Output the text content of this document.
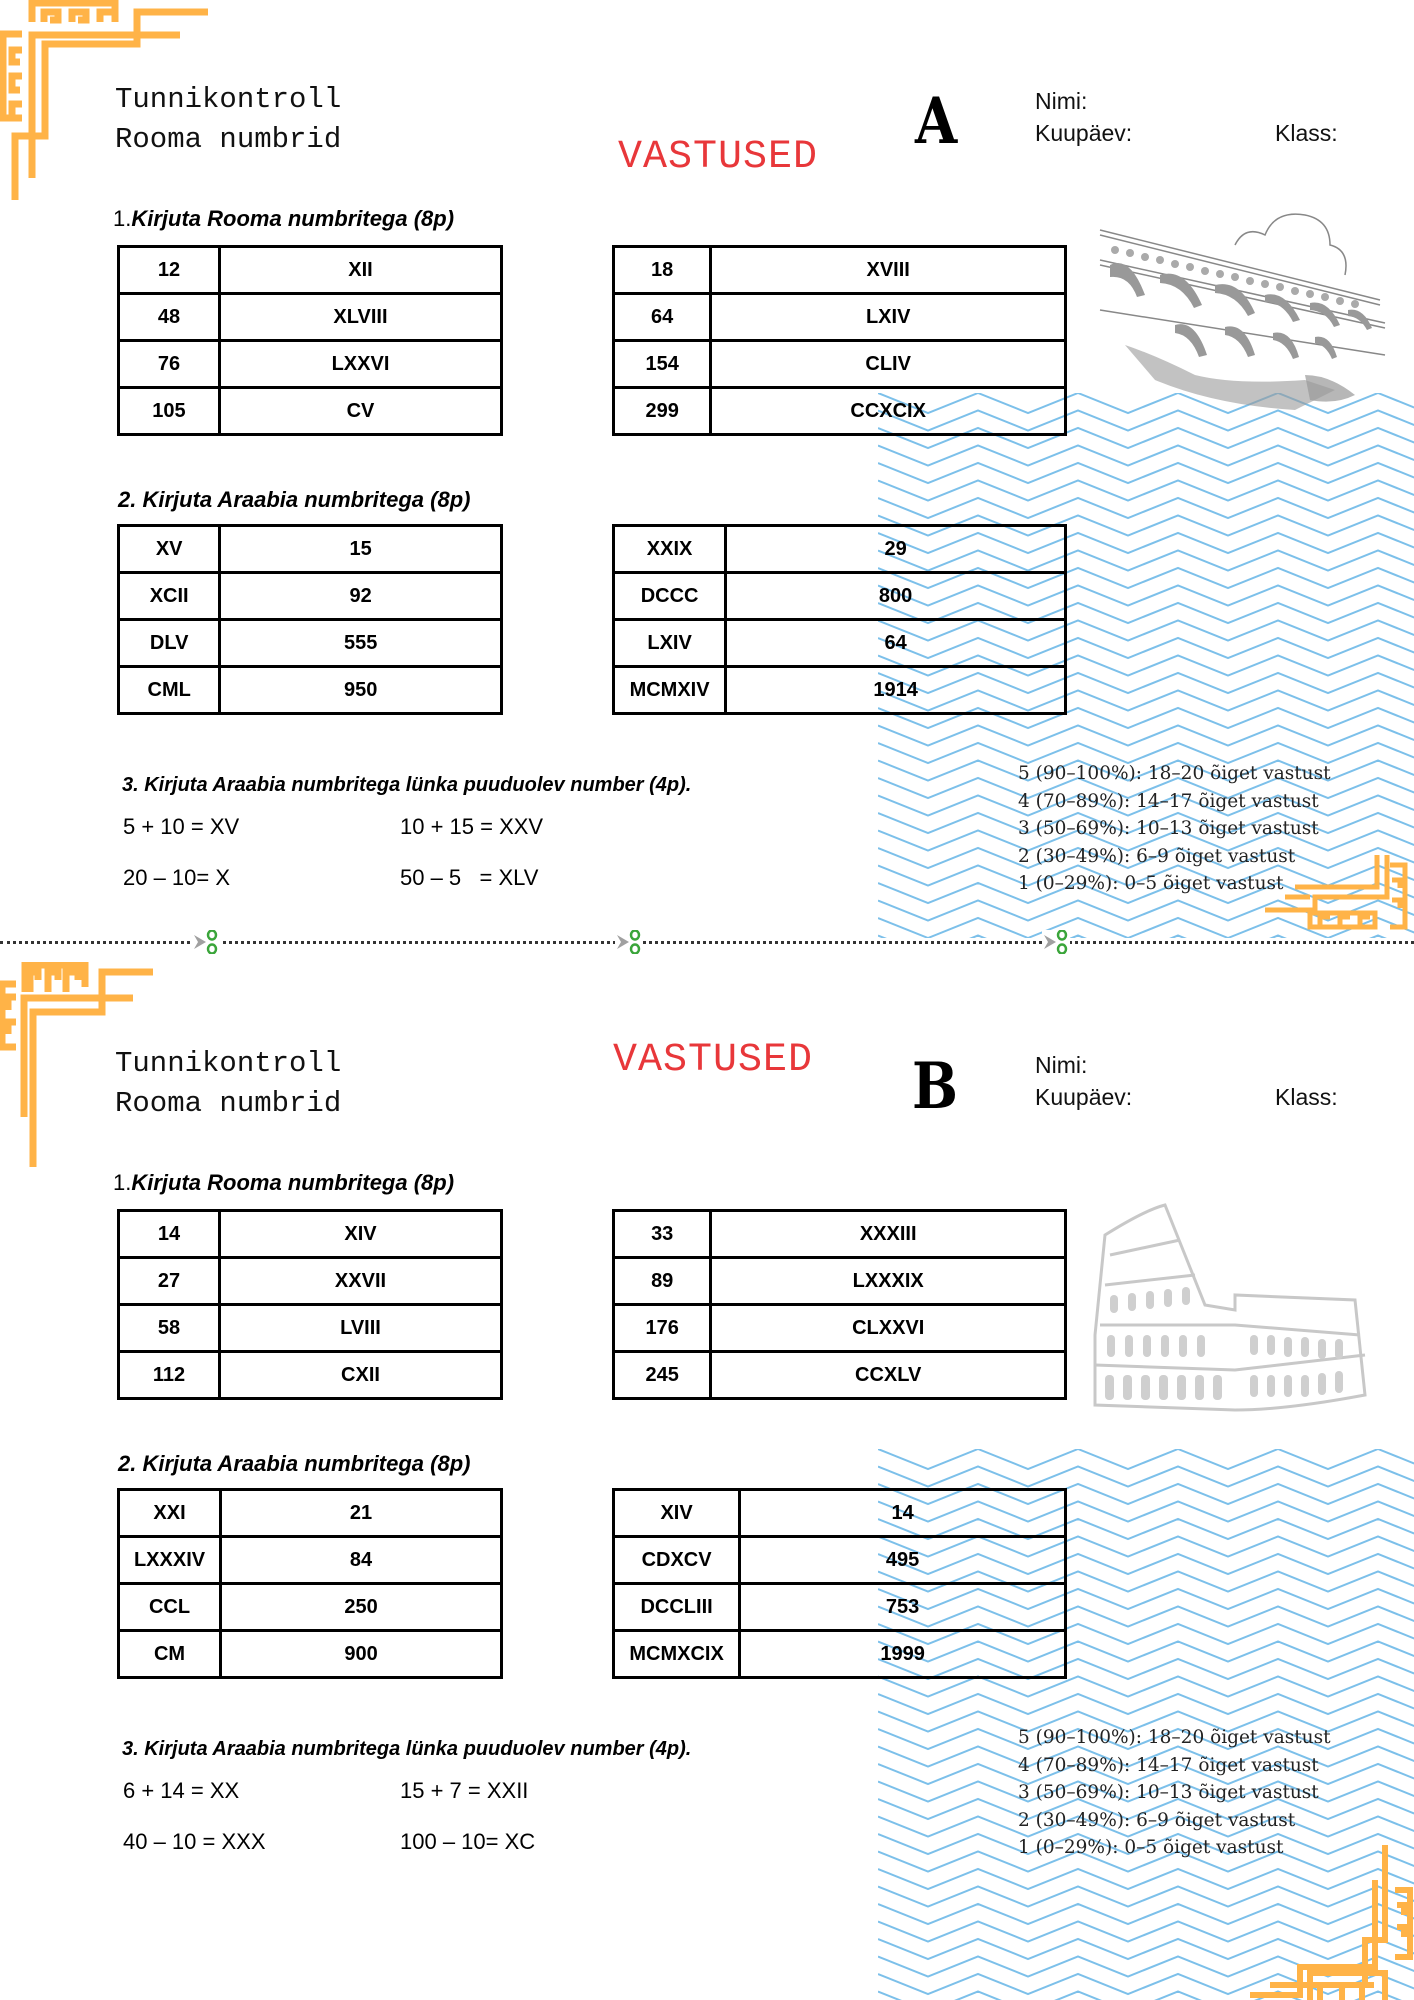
Tunnikontroll
Rooma numbrid	VASTUSED A	Nimi:
Kuupäev:	Klass:
1.Kirjuta Rooma numbritega (8p)
12	XII
48	XLVIII
76	LXXVI
105	CV
18	XVIII
64	LXIV
154	CLIV
299	CCXCIX
2. Kirjuta Araabia numbritega (8p)
XV	15
XCII	92
DLV	555
CML	950
XXIX	29
DCCC	800
LXIV	64
MCMXIV	1914
3. Kirjuta Araabia numbritega lünka puuduolev number (4p).
5 + 10 = XV	10 + 15 = XXV
20 – 10= X	50 – 5   = XLV
5 (90–100%): 18–20 õiget vastust
4 (70–89%): 14–17 õiget vastust
3 (50–69%): 10–13 õiget vastust
2 (30–49%): 6–9 õiget vastust
1 (0–29%): 0–5 õiget vastust
Tunnikontroll
Rooma numbrid
VASTUSED B	Nimi:
Kuupäev:	Klass:
1.Kirjuta Rooma numbritega (8p)
14	XIV
27	XXVII
58	LVIII
112	CXII
33	XXXIII
89	LXXXIX
176	CLXXVI
245	CCXLV
2. Kirjuta Araabia numbritega (8p)
XXI	21
LXXXIV	84
CCL	250
CM	900
XIV	14
CDXCV	495
DCCLIII	753
MCMXCIX	1999
3. Kirjuta Araabia numbritega lünka puuduolev number (4p).
6 + 14 = XX	15 + 7 = XXII
40 – 10 = XXX	100 – 10= XC
5 (90–100%): 18–20 õiget vastust
4 (70–89%): 14–17 õiget vastust
3 (50–69%): 10–13 õiget vastust
2 (30–49%): 6–9 õiget vastust
1 (0–29%): 0–5 õiget vastust
